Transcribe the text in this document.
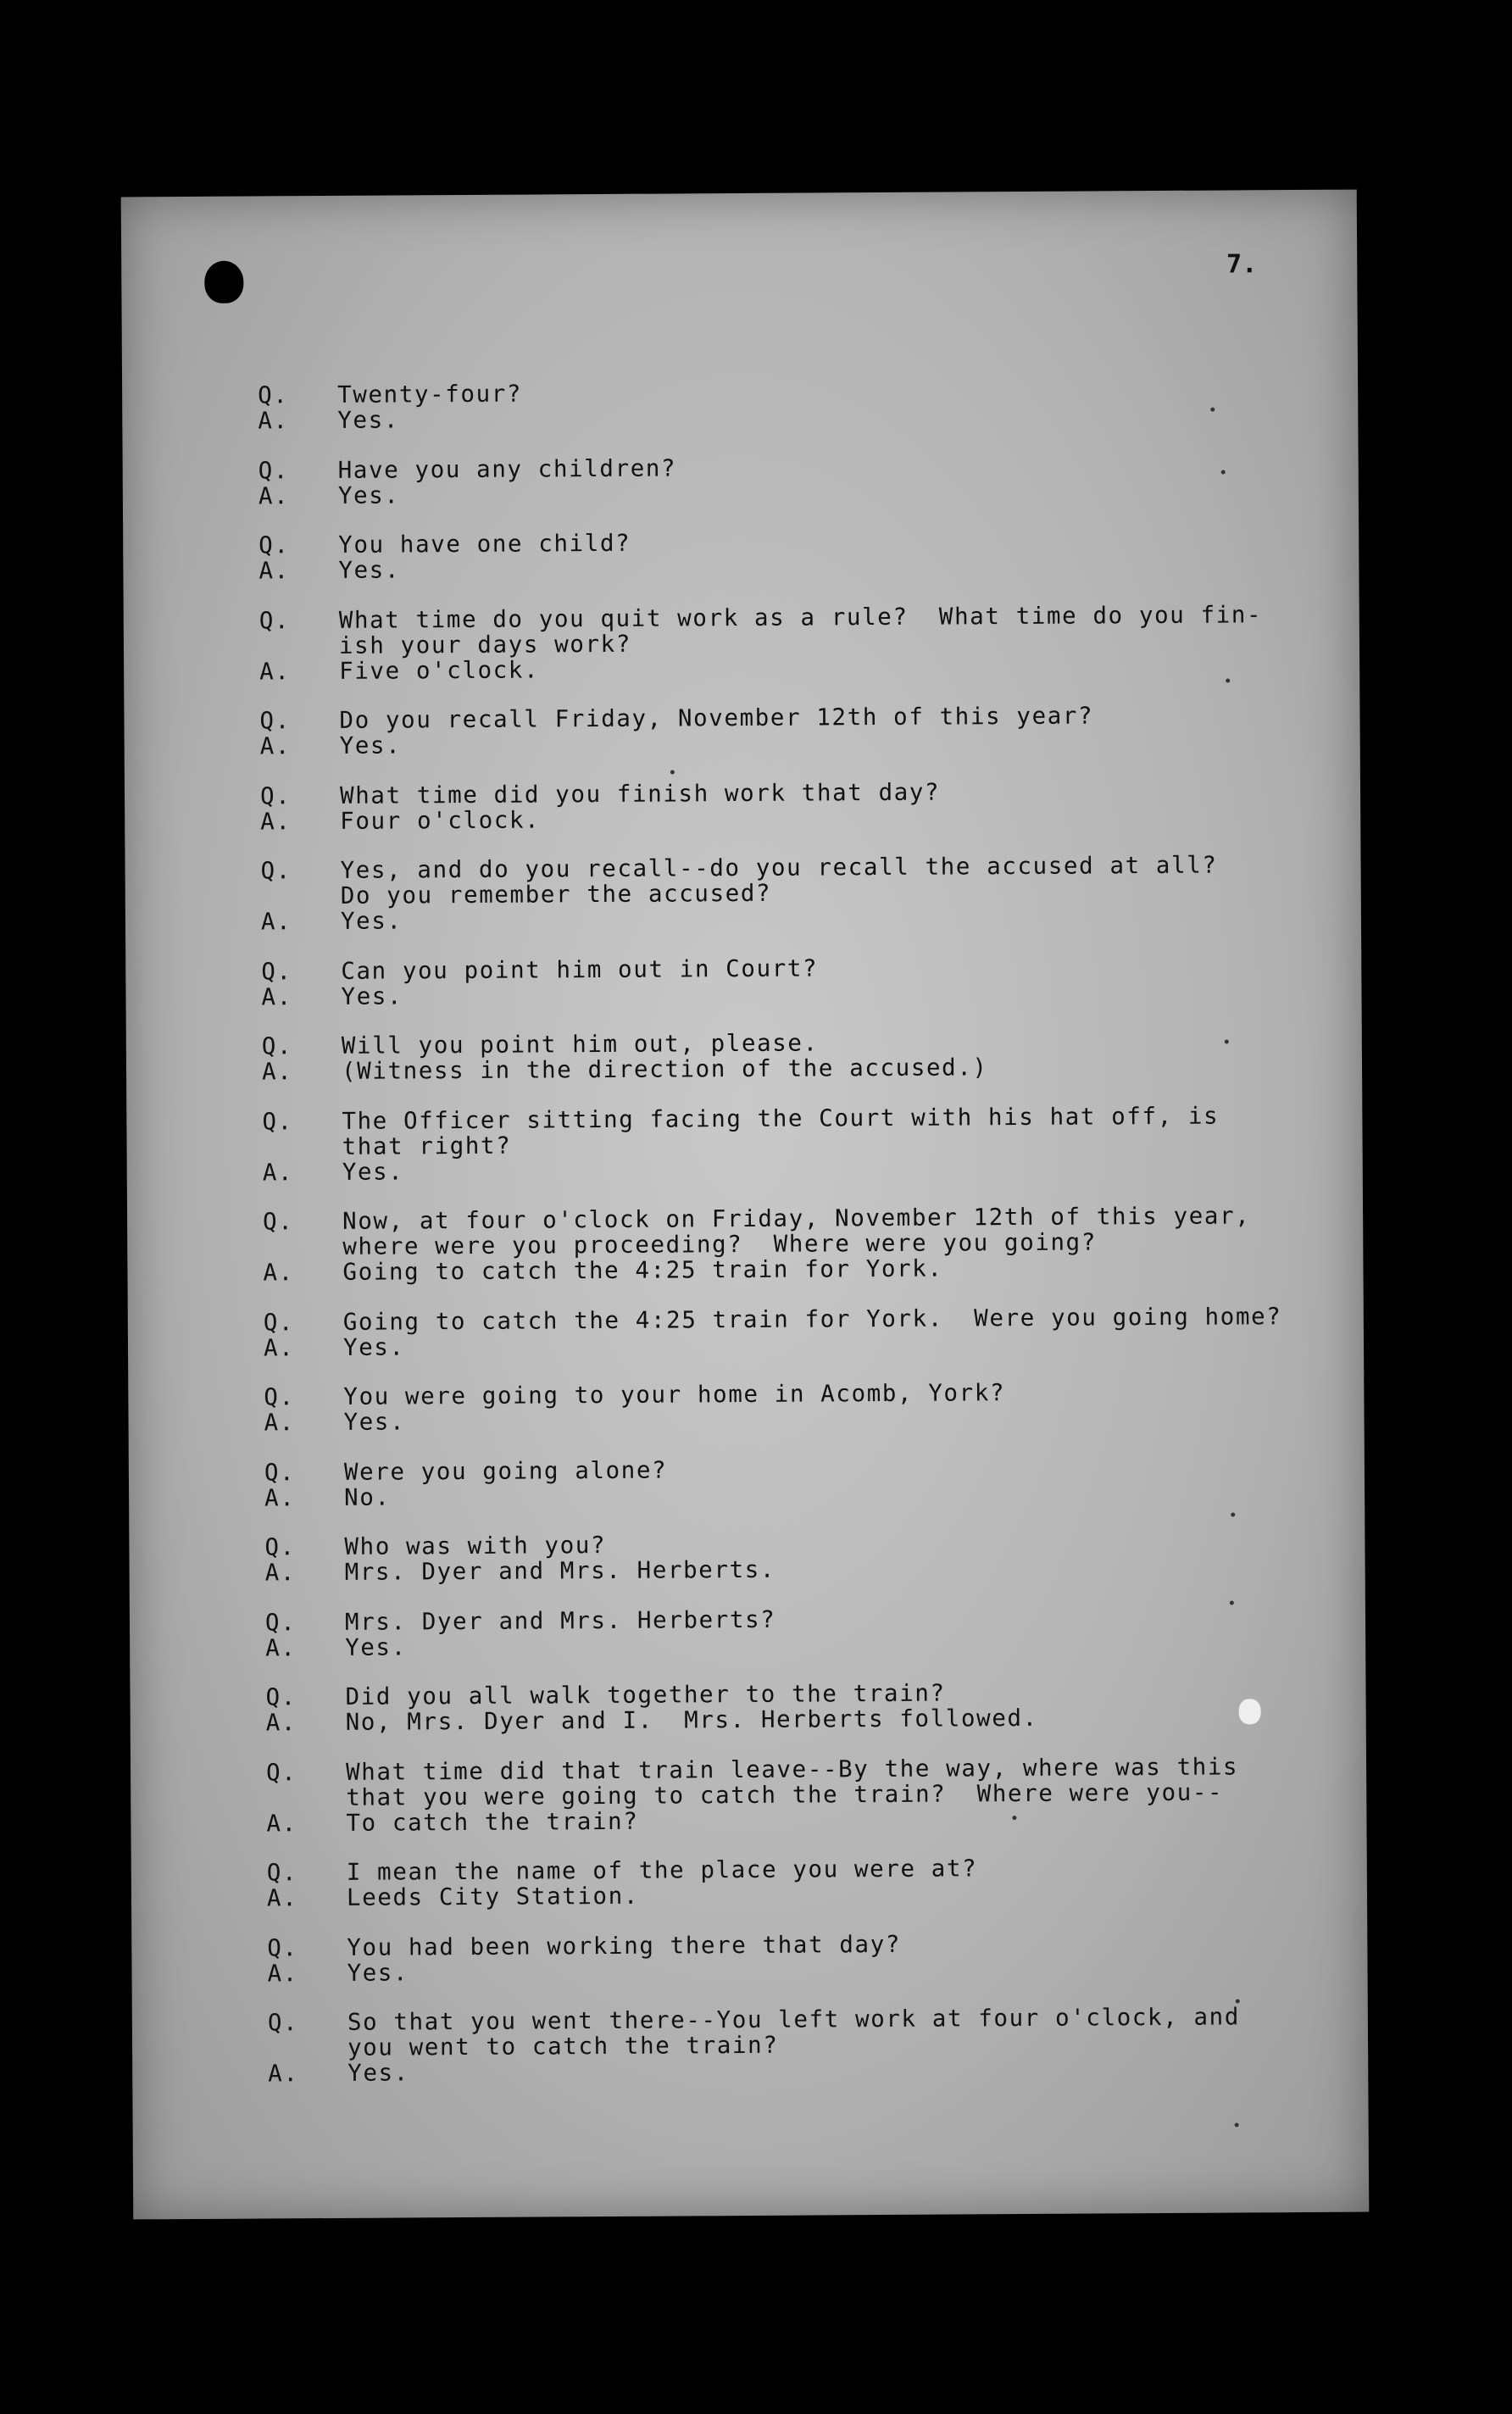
7.
Q.	Twenty-four?
A.	Yes.
Q.	Have you any children?
A.	Yes.
Q.	You have one child?
A.	Yes.
Q.	What time do you quit work as a rule?  What time do you fin-
ish your days work?
A.	Five o'clock.
Q.	Do you recall Friday, November 12th of this year?
A.	Yes.
Q.	What time did you finish work that day?
A.	Four o'clock.
Q.	Yes, and do you recall--do you recall the accused at all?
Do you remember the accused?
A.	Yes.
Q.	Can you point him out in Court?
A.	Yes.
Q.	Will you point him out, please.
A.	(Witness in the direction of the accused.)
Q.	The Officer sitting facing the Court with his hat off, is
that right?
A.	Yes.
Q.	Now, at four o'clock on Friday, November 12th of this year,
where were you proceeding?  Where were you going?
A.	Going to catch the 4:25 train for York.
Q.	Going to catch the 4:25 train for York.  Were you going home?
A.	Yes.
Q.	You were going to your home in Acomb, York?
A.	Yes.
Q.	Were you going alone?
A.	No.
Q.	Who was with you?
A.	Mrs. Dyer and Mrs. Herberts.
Q.	Mrs. Dyer and Mrs. Herberts?
A.	Yes.
Q.	Did you all walk together to the train?
A.	No, Mrs. Dyer and I.  Mrs. Herberts followed.
Q.	What time did that train leave--By the way, where was this
that you were going to catch the train?  Where were you--
A.	To catch the train?
Q.	I mean the name of the place you were at?
A.	Leeds City Station.
Q.	You had been working there that day?
A.	Yes.
Q.	So that you went there--You left work at four o'clock, and
you went to catch the train?
A.	Yes.
